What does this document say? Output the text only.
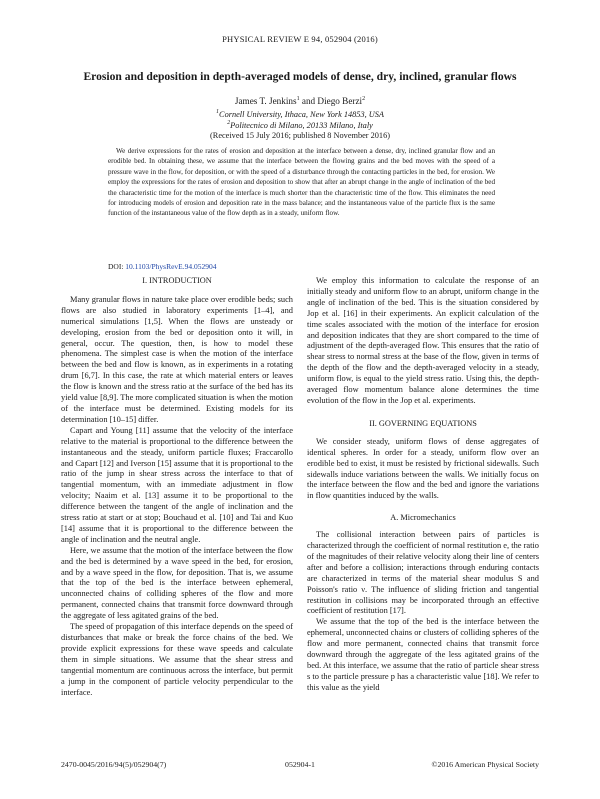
PHYSICAL REVIEW E 94, 052904 (2016)
Erosion and deposition in depth-averaged models of dense, dry, inclined, granular flows
James T. Jenkins$^1$ and Diego Berzi$^2$
$^1$Cornell University, Ithaca, New York 14853, USA
$^2$Politecnico di Milano, 20133 Milano, Italy
(Received 15 July 2016; published 8 November 2016)
We derive expressions for the rates of erosion and deposition at the interface between a dense, dry, inclined granular flow and an erodible bed. In obtaining these, we assume that the interface between the flowing grains and the bed moves with the speed of a pressure wave in the flow, for deposition, or with the speed of a disturbance through the contacting particles in the bed, for erosion. We employ the expressions for the rates of erosion and deposition to show that after an abrupt change in the angle of inclination of the bed the characteristic time for the motion of the interface is much shorter than the characteristic time of the flow. This eliminates the need for introducing models of erosion and deposition rate in the mass balance; and the instantaneous value of the particle flux is the same function of the instantaneous value of the flow depth as in a steady, uniform flow.
DOI: 10.1103/PhysRevE.94.052904
I. INTRODUCTION

Many granular flows in nature take place over erodible beds; such flows are also studied in laboratory experiments [1–4], and numerical simulations [1,5]. When the flows are unsteady or developing, erosion from the bed or deposition onto it will, in general, occur. The question, then, is how to model these phenomena. The simplest case is when the motion of the interface between the bed and flow is known, as in experiments in a rotating drum [6,7]. In this case, the rate at which material enters or leaves the flow is known and the stress ratio at the surface of the bed has its yield value [8,9]. The more complicated situation is when the motion of the interface must be determined. Existing models for its determination [10–15] differ.

Capart and Young [11] assume that the velocity of the interface relative to the material is proportional to the difference between the instantaneous and the steady, uniform particle fluxes; Fraccarollo and Capart [12] and Iverson [15] assume that it is proportional to the ratio of the jump in shear stress across the interface to that of tangential momentum, with an immediate adjustment in flow velocity; Naaim et al. [13] assume it to be proportional to the difference between the tangent of the angle of inclination and the stress ratio at start or at stop; Bouchaud et al. [10] and Tai and Kuo [14] assume that it is proportional to the difference between the angle of inclination and the neutral angle.

Here, we assume that the motion of the interface between the flow and the bed is determined by a wave speed in the bed, for erosion, and by a wave speed in the flow, for deposition. That is, we assume that the top of the bed is the interface between ephemeral, unconnected chains of colliding spheres of the flow and more permanent, connected chains that transmit force downward through the aggregate of less agitated grains of the bed.

The speed of propagation of this interface depends on the speed of disturbances that make or break the force chains of the bed. We provide explicit expressions for these wave speeds and calculate them in simple situations. We assume that the shear stress and tangential momentum are continuous across the interface, but permit a jump in the component of particle velocity perpendicular to the interface.

We employ this information to calculate the response of an initially steady and uniform flow to an abrupt, uniform change in the angle of inclination of the bed. This is the situation considered by Jop et al. [16] in their experiments. An explicit calculation of the time scales associated with the motion of the interface for erosion and deposition indicates that they are short compared to the time of adjustment of the depth-averaged flow. This ensures that the ratio of shear stress to normal stress at the base of the flow, given in terms of the depth of the flow and the depth-averaged velocity in a steady, uniform flow, is equal to the yield stress ratio. Using this, the depth-averaged flow momentum balance alone determines the time evolution of the flow in the Jop et al. experiments.

II. GOVERNING EQUATIONS

We consider steady, uniform flows of dense aggregates of identical spheres. In order for a steady, uniform flow over an erodible bed to exist, it must be resisted by frictional sidewalls. Such sidewalls induce variations between the walls. We initially focus on the interface between the flow and the bed and ignore the variations in flow quantities induced by the walls.

A. Micromechanics

The collisional interaction between pairs of particles is characterized through the coefficient of normal restitution e, the ratio of the magnitudes of their relative velocity along their line of centers after and before a collision; interactions through enduring contacts are characterized in terms of the material shear modulus S and Poisson's ratio ν. The influence of sliding friction and tangential restitution in collisions may be incorporated through an effective coefficient of restitution [17].

We assume that the top of the bed is the interface between the ephemeral, unconnected chains or clusters of colliding spheres of the flow and more permanent, connected chains that transmit force downward through the aggregate of the less agitated grains of the bed. At this interface, we assume that the ratio of particle shear stress s to the particle pressure p has a characteristic value [18]. We refer to this value as the yield

2470-0045/2016/94(5)/052904(7)	052904-1	©2016 American Physical Society
